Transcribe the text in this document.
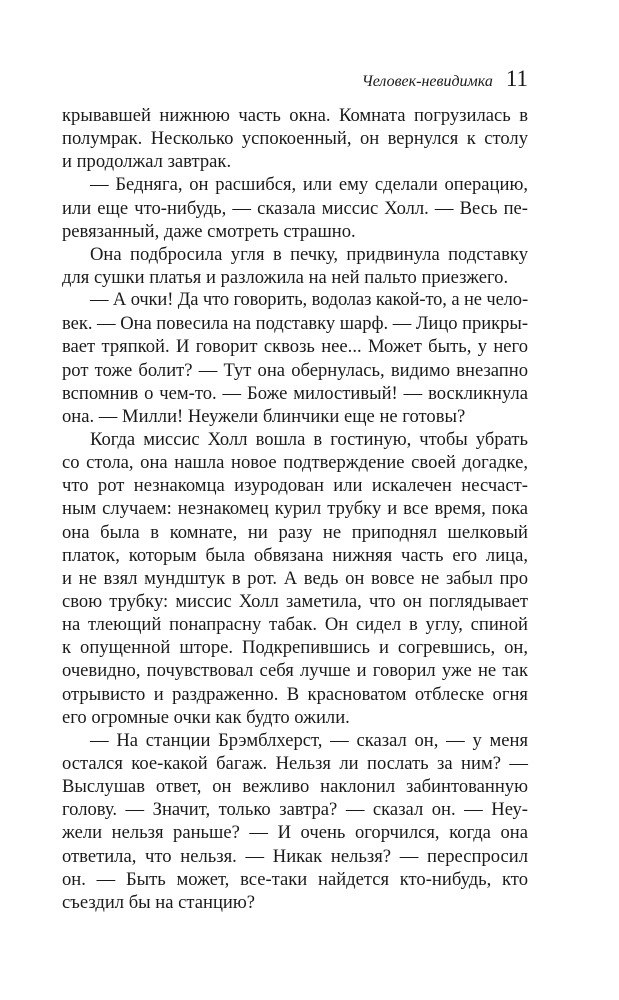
Человек-невидимка 11
крывавшей нижнюю часть окна. Комната погрузилась в
полумрак. Несколько успокоенный, он вернулся к столу
и продолжал завтрак.
— Бедняга, он расшибся, или ему сделали операцию,
или еще что-нибудь, — сказала миссис Холл. — Весь пе-
ревязанный, даже смотреть страшно.
Она подбросила угля в печку, придвинула подставку
для сушки платья и разложила на ней пальто приезжего.
— А очки! Да что говорить, водолаз какой-то, а не чело-
век. — Она повесила на подставку шарф. — Лицо прикры-
вает тряпкой. И говорит сквозь нее... Может быть, у него
рот тоже болит? — Тут она обернулась, видимо внезапно
вспомнив о чем-то. — Боже милостивый! — воскликнула
она. — Милли! Неужели блинчики еще не готовы?
Когда миссис Холл вошла в гостиную, чтобы убрать
со стола, она нашла новое подтверждение своей догадке,
что рот незнакомца изуродован или искалечен несчаст-
ным случаем: незнакомец курил трубку и все время, пока
она была в комнате, ни разу не приподнял шелковый
платок, которым была обвязана нижняя часть его лица,
и не взял мундштук в рот. А ведь он вовсе не забыл про
свою трубку: миссис Холл заметила, что он поглядывает
на тлеющий понапрасну табак. Он сидел в углу, спиной
к опущенной шторе. Подкрепившись и согревшись, он,
очевидно, почувствовал себя лучше и говорил уже не так
отрывисто и раздраженно. В красноватом отблеске огня
его огромные очки как будто ожили.
— На станции Брэмблхерст, — сказал он, — у меня
остался кое-какой багаж. Нельзя ли послать за ним? —
Выслушав ответ, он вежливо наклонил забинтованную
голову. — Значит, только завтра? — сказал он. — Неу-
жели нельзя раньше? — И очень огорчился, когда она
ответила, что нельзя. — Никак нельзя? — переспросил
он. — Быть может, все-таки найдется кто-нибудь, кто
съездил бы на станцию?
